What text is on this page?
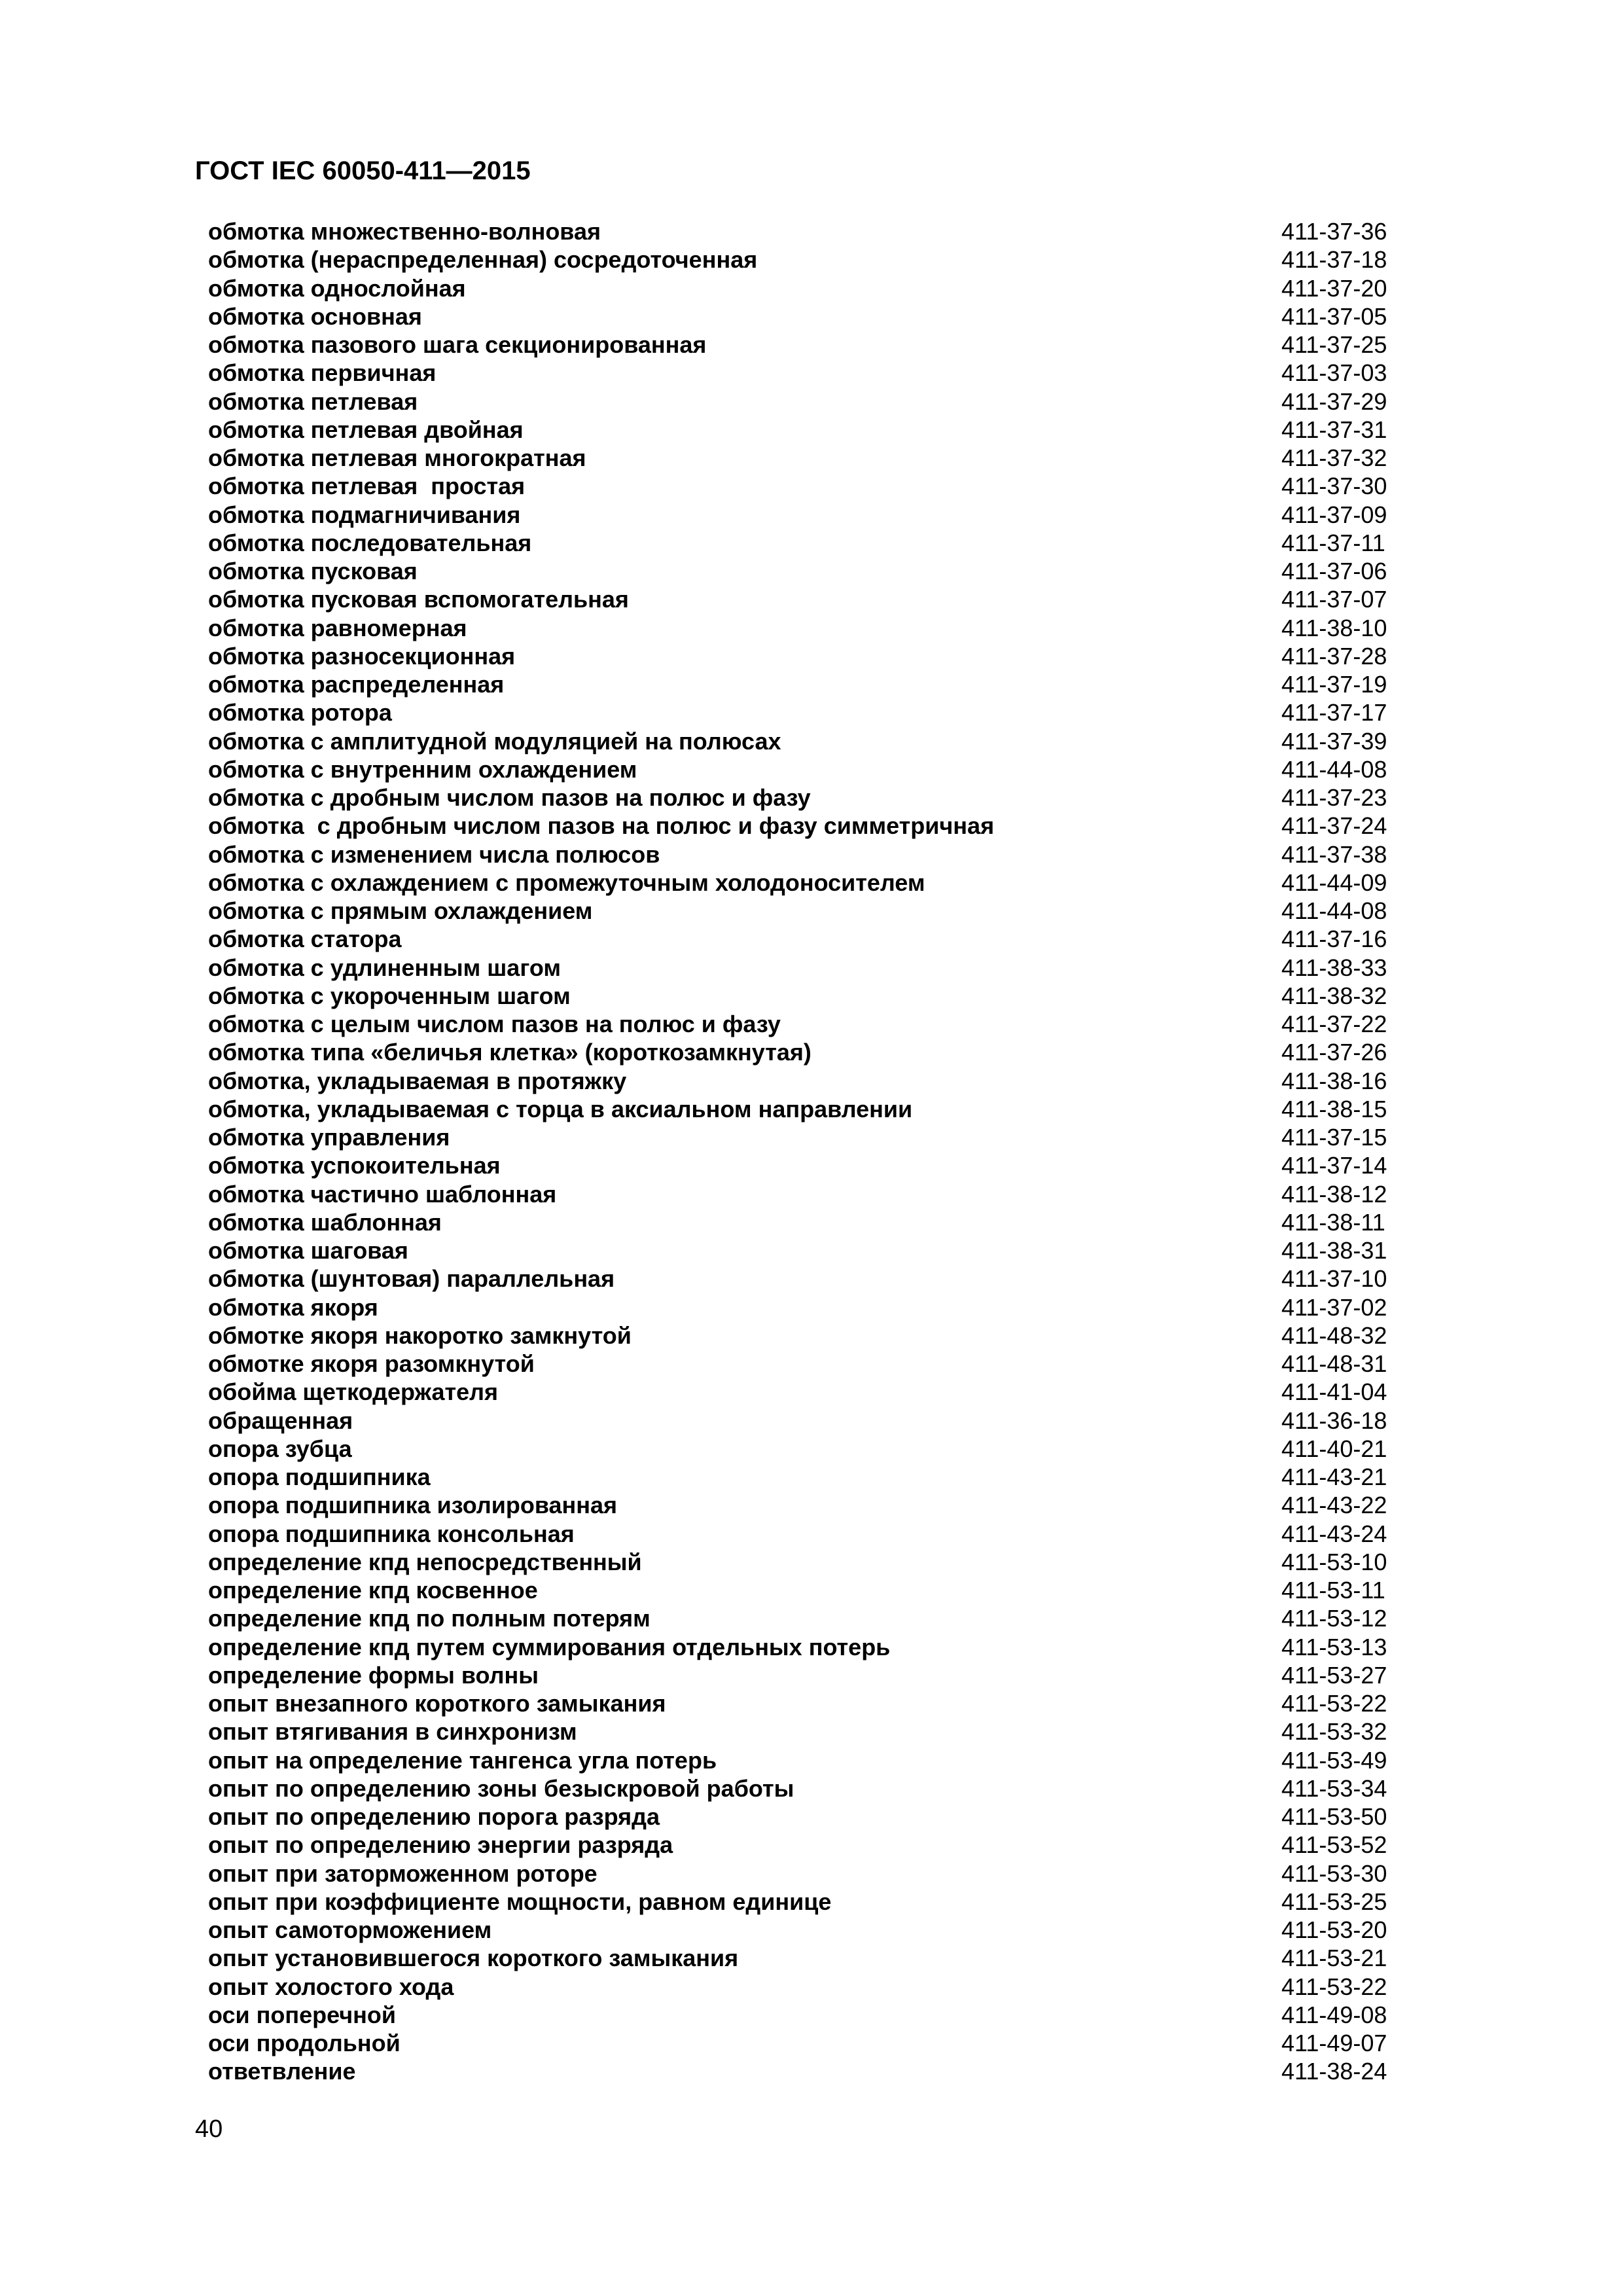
ГОСТ IEC 60050-411—2015
обмотка множественно-волновая	411-37-36
обмотка (нераспределенная) сосредоточенная	411-37-18
обмотка однослойная	411-37-20
обмотка основная	411-37-05
обмотка пазового шага секционированная	411-37-25
обмотка первичная	411-37-03
обмотка петлевая	411-37-29
обмотка петлевая двойная	411-37-31
обмотка петлевая многократная	411-37-32
обмотка петлевая  простая	411-37-30
обмотка подмагничивания	411-37-09
обмотка последовательная	411-37-11
обмотка пусковая	411-37-06
обмотка пусковая вспомогательная	411-37-07
обмотка равномерная	411-38-10
обмотка разносекционная	411-37-28
обмотка распределенная	411-37-19
обмотка ротора	411-37-17
обмотка с амплитудной модуляцией на полюсах	411-37-39
обмотка с внутренним охлаждением	411-44-08
обмотка с дробным числом пазов на полюс и фазу	411-37-23
обмотка  с дробным числом пазов на полюс и фазу симметричная	411-37-24
обмотка с изменением числа полюсов	411-37-38
обмотка с охлаждением с промежуточным холодоносителем	411-44-09
обмотка с прямым охлаждением	411-44-08
обмотка статора	411-37-16
обмотка с удлиненным шагом	411-38-33
обмотка с укороченным шагом	411-38-32
обмотка с целым числом пазов на полюс и фазу	411-37-22
обмотка типа «беличья клетка» (короткозамкнутая)	411-37-26
обмотка, укладываемая в протяжку	411-38-16
обмотка, укладываемая с торца в аксиальном направлении	411-38-15
обмотка управления	411-37-15
обмотка успокоительная	411-37-14
обмотка частично шаблонная	411-38-12
обмотка шаблонная	411-38-11
обмотка шаговая	411-38-31
обмотка (шунтовая) параллельная	411-37-10
обмотка якоря	411-37-02
обмотке якоря накоротко замкнутой	411-48-32
обмотке якоря разомкнутой	411-48-31
обойма щеткодержателя	411-41-04
обращенная	411-36-18
опора зубца	411-40-21
опора подшипника	411-43-21
опора подшипника изолированная	411-43-22
опора подшипника консольная	411-43-24
определение кпд непосредственный	411-53-10
определение кпд косвенное	411-53-11
определение кпд по полным потерям	411-53-12
определение кпд путем суммирования отдельных потерь	411-53-13
определение формы волны	411-53-27
опыт внезапного короткого замыкания	411-53-22
опыт втягивания в синхронизм	411-53-32
опыт на определение тангенса угла потерь	411-53-49
опыт по определению зоны безыскровой работы	411-53-34
опыт по определению порога разряда	411-53-50
опыт по определению энергии разряда	411-53-52
опыт при заторможенном роторе	411-53-30
опыт при коэффициенте мощности, равном единице	411-53-25
опыт самоторможением	411-53-20
опыт установившегося короткого замыкания	411-53-21
опыт холостого хода	411-53-22
оси поперечной	411-49-08
оси продольной	411-49-07
ответвление	411-38-24
40
